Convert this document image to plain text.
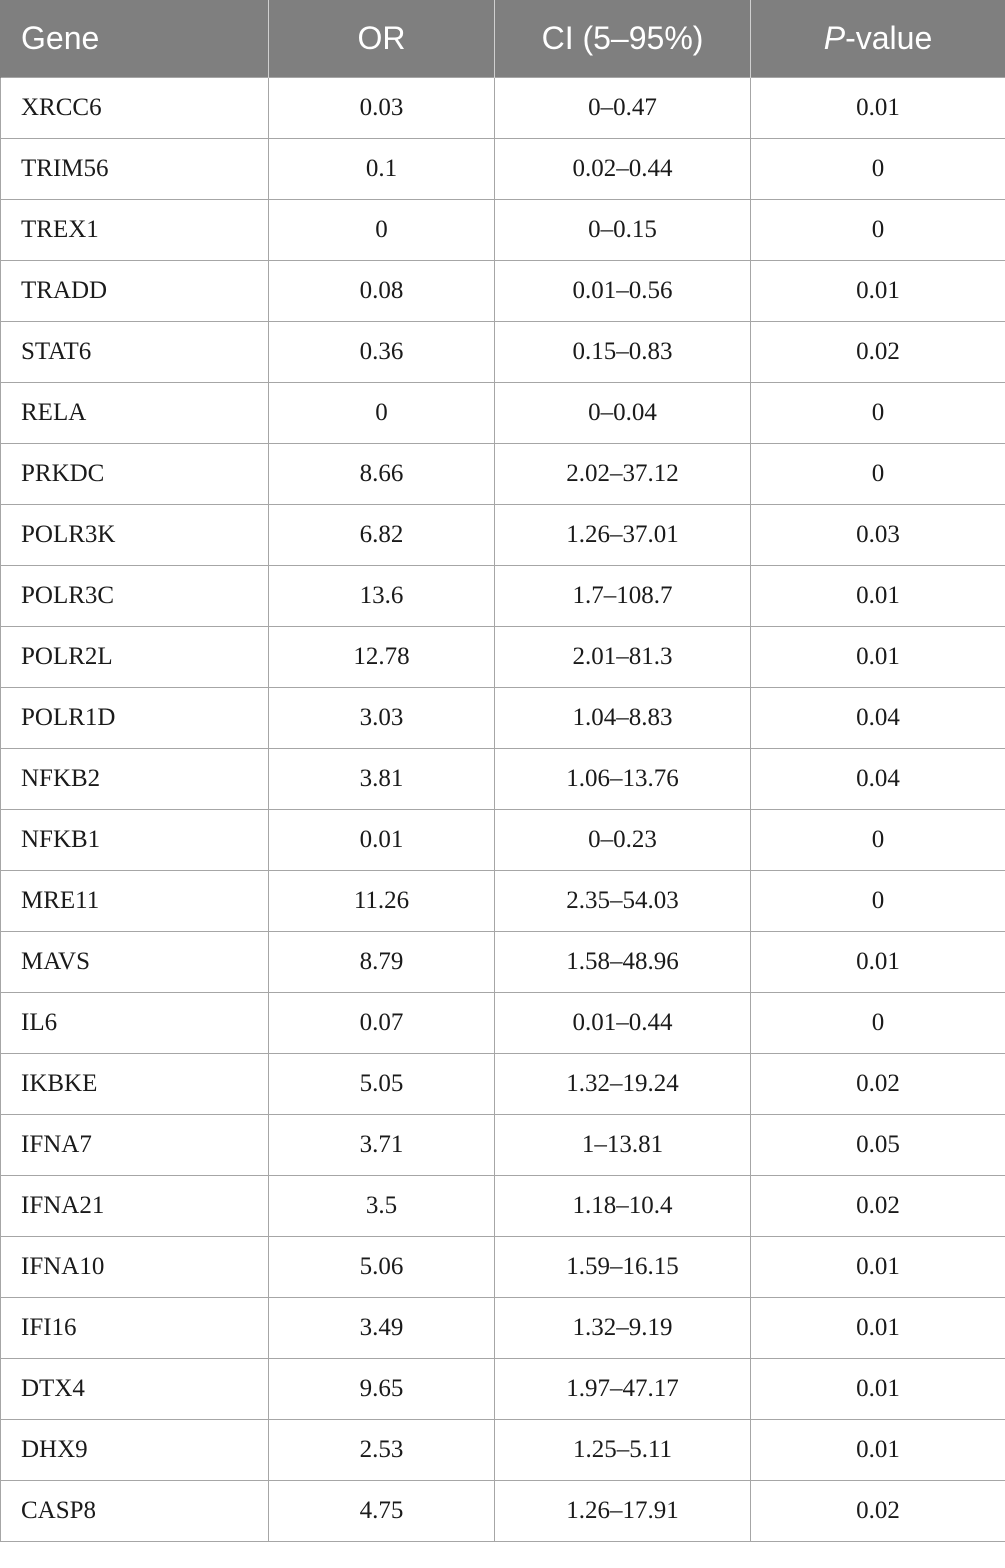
Gene	OR	CI (5–95%)	P-value
XRCC6	0.03	0–0.47	0.01
TRIM56	0.1	0.02–0.44	0
TREX1	0	0–0.15	0
TRADD	0.08	0.01–0.56	0.01
STAT6	0.36	0.15–0.83	0.02
RELA	0	0–0.04	0
PRKDC	8.66	2.02–37.12	0
POLR3K	6.82	1.26–37.01	0.03
POLR3C	13.6	1.7–108.7	0.01
POLR2L	12.78	2.01–81.3	0.01
POLR1D	3.03	1.04–8.83	0.04
NFKB2	3.81	1.06–13.76	0.04
NFKB1	0.01	0–0.23	0
MRE11	11.26	2.35–54.03	0
MAVS	8.79	1.58–48.96	0.01
IL6	0.07	0.01–0.44	0
IKBKE	5.05	1.32–19.24	0.02
IFNA7	3.71	1–13.81	0.05
IFNA21	3.5	1.18–10.4	0.02
IFNA10	5.06	1.59–16.15	0.01
IFI16	3.49	1.32–9.19	0.01
DTX4	9.65	1.97–47.17	0.01
DHX9	2.53	1.25–5.11	0.01
CASP8	4.75	1.26–17.91	0.02
